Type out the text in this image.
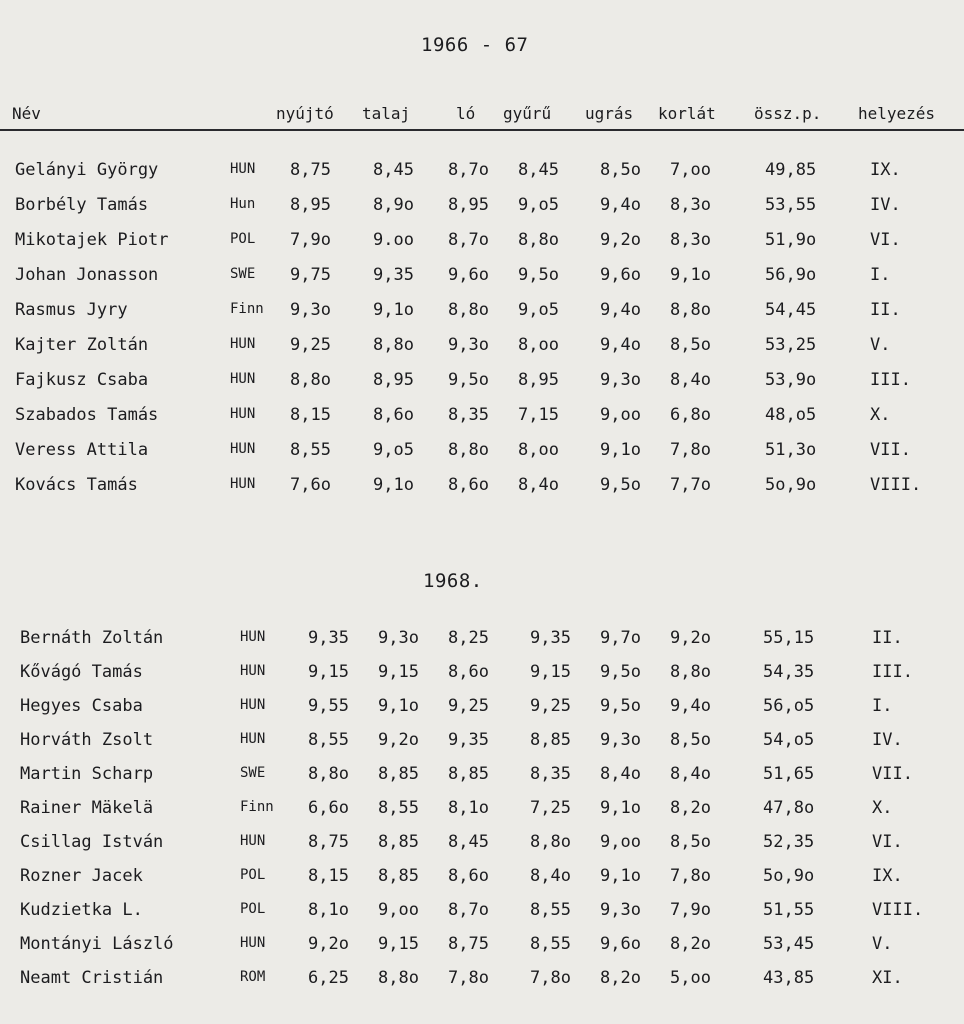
1966 - 67
Név	nyújtó talaj	ló gyűrű ugrás korlát össz.p. helyezés
Gelányi György	HUN 8,75 8,45 8,7o 8,45 8,5o 7,oo	49,85	IX.
Borbély Tamás	Hun 8,95 8,9o 8,95 9,o5 9,4o 8,3o	53,55	IV.
Mikotajek Piotr	POL 7,9o 9.oo 8,7o 8,8o 9,2o 8,3o	51,9o	VI.
Johan Jonasson	SWE 9,75 9,35 9,6o 9,5o 9,6o 9,1o	56,9o	I.
Rasmus Jyry	Finn 9,3o 9,1o 8,8o 9,o5 9,4o 8,8o	54,45	II.
Kajter Zoltán	HUN 9,25 8,8o 9,3o 8,oo 9,4o 8,5o	53,25	V.
Fajkusz Csaba	HUN 8,8o 8,95 9,5o 8,95 9,3o 8,4o	53,9o	III.
Szabados Tamás	HUN 8,15 8,6o 8,35 7,15 9,oo 6,8o	48,o5	X.
Veress Attila	HUN 8,55 9,o5 8,8o 8,oo 9,1o 7,8o	51,3o	VII.
Kovács Tamás	HUN 7,6o 9,1o 8,6o 8,4o 9,5o 7,7o	5o,9o	VIII.
1968.
Bernáth Zoltán	HUN	9,35 9,3o 8,25 9,35 9,7o 9,2o	55,15	II.
Kővágó Tamás	HUN	9,15 9,15 8,6o 9,15 9,5o 8,8o	54,35	III.
Hegyes Csaba	HUN	9,55 9,1o 9,25 9,25 9,5o 9,4o	56,o5	I.
Horváth Zsolt	HUN	8,55 9,2o 9,35 8,85 9,3o 8,5o	54,o5	IV.
Martin Scharp	SWE	8,8o 8,85 8,85 8,35 8,4o 8,4o	51,65	VII.
Rainer Mäkelä	Finn 6,6o 8,55 8,1o 7,25 9,1o 8,2o	47,8o	X.
Csillag István	HUN	8,75 8,85 8,45 8,8o 9,oo 8,5o	52,35	VI.
Rozner Jacek	POL	8,15 8,85 8,6o 8,4o 9,1o 7,8o	5o,9o	IX.
Kudzietka L.	POL	8,1o 9,oo 8,7o 8,55 9,3o 7,9o	51,55	VIII.
Montányi László	HUN	9,2o 9,15 8,75 8,55 9,6o 8,2o	53,45	V.
Neamt Cristián	ROM	6,25 8,8o 7,8o 7,8o 8,2o 5,oo	43,85	XI.
